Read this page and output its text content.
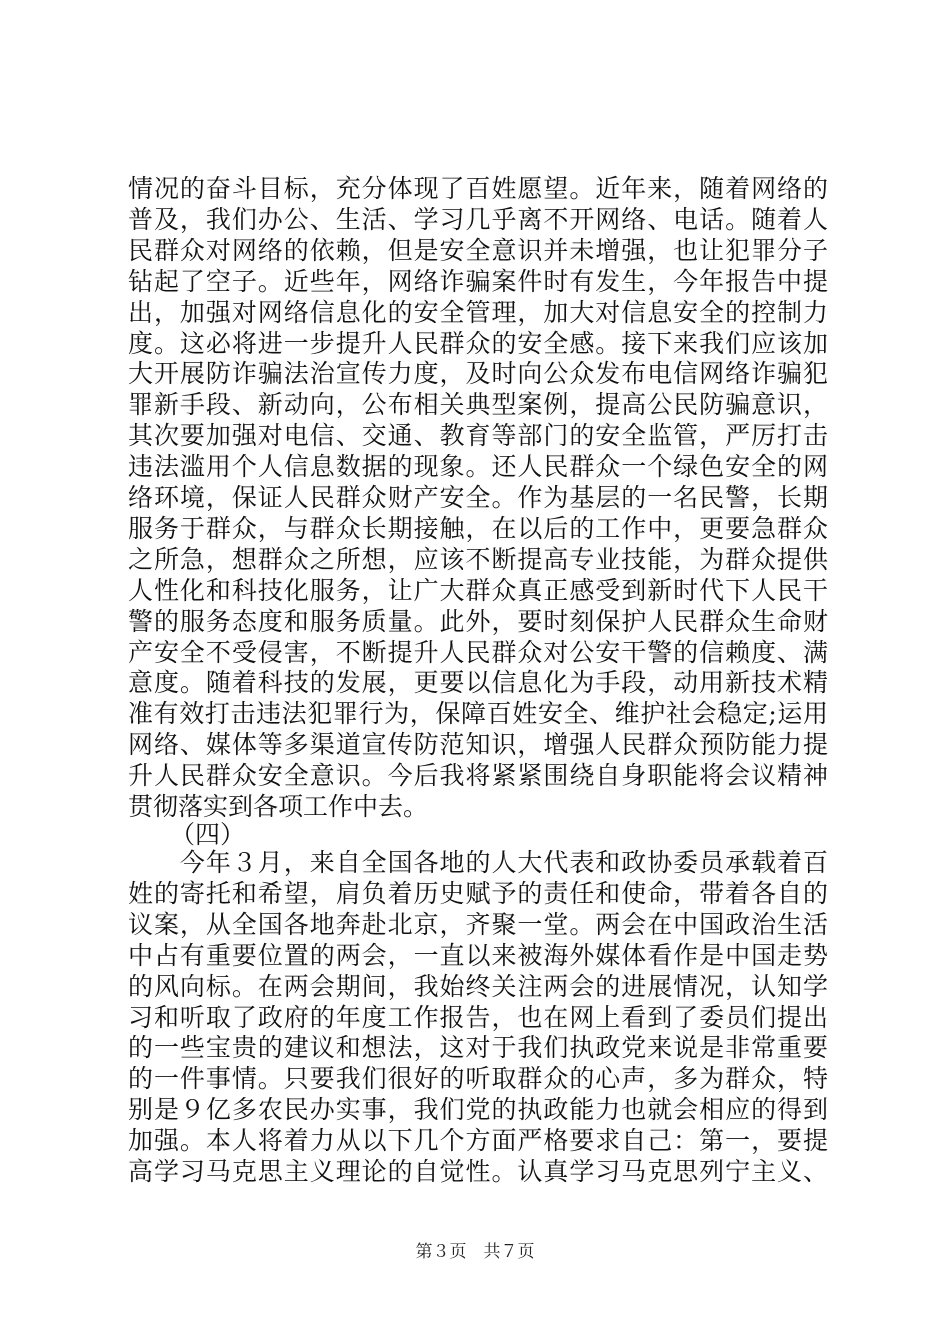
情况的奋斗目标，充分体现了百姓愿望。近年来，随着网络的
普及，我们办公、生活、学习几乎离不开网络、电话。随着人
民群众对网络的依赖，但是安全意识并未增强，也让犯罪分子
钻起了空子。近些年，网络诈骗案件时有发生，今年报告中提
出，加强对网络信息化的安全管理，加大对信息安全的控制力
度。这必将进一步提升人民群众的安全感。接下来我们应该加
大开展防诈骗法治宣传力度，及时向公众发布电信网络诈骗犯
罪新手段、新动向，公布相关典型案例，提高公民防骗意识，
其次要加强对电信、交通、教育等部门的安全监管，严厉打击
违法滥用个人信息数据的现象。还人民群众一个绿色安全的网
络环境，保证人民群众财产安全。作为基层的一名民警，长期
服务于群众，与群众长期接触，在以后的工作中，更要急群众
之所急，想群众之所想，应该不断提高专业技能，为群众提供
人性化和科技化服务，让广大群众真正感受到新时代下人民干
警的服务态度和服务质量。此外，要时刻保护人民群众生命财
产安全不受侵害，不断提升人民群众对公安干警的信赖度、满
意度。随着科技的发展，更要以信息化为手段，动用新技术精
准有效打击违法犯罪行为，保障百姓安全、维护社会稳定;运用
网络、媒体等多渠道宣传防范知识，增强人民群众预防能力提
升人民群众安全意识。今后我将紧紧围绕自身职能将会议精神
贯彻落实到各项工作中去。
（四）
　　今年３月，来自全国各地的人大代表和政协委员承载着百
姓的寄托和希望，肩负着历史赋予的责任和使命，带着各自的
议案，从全国各地奔赴北京，齐聚一堂。两会在中国政治生活
中占有重要位置的两会，一直以来被海外媒体看作是中国走势
的风向标。在两会期间，我始终关注两会的进展情况，认知学
习和听取了政府的年度工作报告，也在网上看到了委员们提出
的一些宝贵的建议和想法，这对于我们执政党来说是非常重要
的一件事情。只要我们很好的听取群众的心声，多为群众，特
别是９亿多农民办实事，我们党的执政能力也就会相应的得到
加强。本人将着力从以下几个方面严格要求自己：第一，要提
高学习马克思主义理论的自觉性。认真学习马克思列宁主义、
第３页　共７页
